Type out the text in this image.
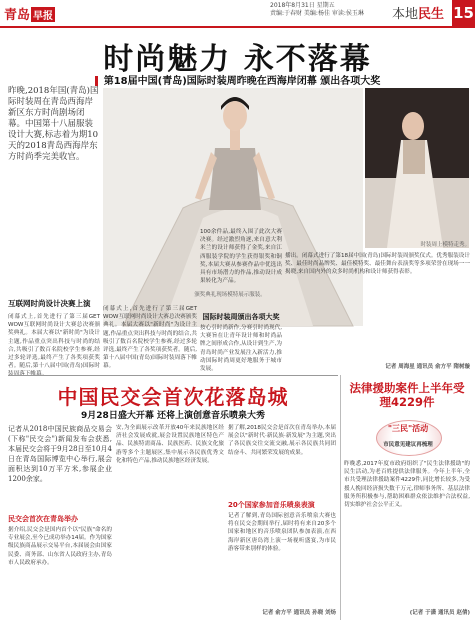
青岛 早报
2018年8月31日 星期五
责编:于春财 美编:杨佳 审读:侯玉琳	本地民生 15
时尚魅力 永不落幕
第18届中国(青岛)国际时装周昨晚在西海岸闭幕 颁出各项大奖
昨晚,2018年国(青岛)国际时装周在青岛西海岸新区东方时尚剧场闭幕。中国第十八届服装设计大赛,标志着为期10天的2018青岛西海岸东方时尚季完美收官。
颁奖典礼现场模特展示服装。
时装周上模特走秀。
互联网时尚设计决赛上演
闭幕式上,首先进行了第三届GET WOW互联网时尚设计大赛总决赛颁奖典礼。本届大赛以"新时尚"为设计主题,作品重点突出科技与时尚的结合,共吸引了数百名院校学生参赛,经过多轮评选,最终产生了各奖项获奖者。随后,第十八届中国(青岛)国际时
闭幕式上,首先进行了第三届GET WOW互联网时尚设计大赛总决赛颁奖典礼。本届大赛以"新时尚"为设计主题,作品重点突出科技与时尚的结合,共吸引了数百名院校学生参赛,经过多轮评选,最终产生了各奖项获奖者。随后,第十八届中国(青岛)国际时装周落下帷幕。
100余件品,最终入围了此次大赛决赛。经过激烈角逐,来自意大利米兰的设计师获得了金奖,来自江西服装学院的学生获得银奖和铜奖,本届大赛从参赛作品中优选出具有市场潜力的作品,推动设计成果转化为产品。
国际时装周颁出各项大奖
按心引时尚新作,分赛引时尚现代,大赛旨在让青年设计师和时尚品牌之间形成合作,从设计到生产,为青岛时尚产业发展注入新活力,推动国际时尚周更好地服务于城市发展。
播出。闭幕式进行了第18届中国(青岛)国际时装周颁奖仪式。优秀服装设计奖、最佳时尚品牌奖、最佳模特奖、最佳舞台表演奖等多项荣誉在现场一一揭晓,来自国内外的众多时尚机构和设计师获得表彰。
记者 周海星 通讯员 俞方平 隋树璇
中国民交会首次花落岛城
9月28日盛大开幕 还将上演创意音乐喷泉大秀
记者从2018中国民族商品交易会(下称"民交会")新闻发布会获悉,本届民交会将于9月28日至10月4日在青岛国际博览中心举行,展会面积达到10万平方米,参展企业1200余家。
民交会首次在青岛举办
据介绍,民交会是国内首个以"民族"命名的专业展会,至今已成功举办14届。作为国家级民族商品展示交易平台,本届展会由国家民委、商务部、山东省人民政府主办,青岛市人民政府承办。
安,为全面展示改革开放40年来民族地区经济社会发展成就,展会设置民族地区特色产品、民族特需商品、民族医药、民族文化旅游等多个主题展区,集中展示各民族优秀文化和特色产品,推动民族地区经济发展。
据了解,2018民交会是首次在青岛举办,本届展会以"新时代·新民族·新发展"为主题,突出了各民族交往交流交融,展示各民族共同团结奋斗、共同繁荣发展的成果。
20个国家参加音乐喷泉表演
记者了解到,青岛国际创意音乐喷泉大赛也将在民交会期间举行,届时将有来自20多个国家和地区的音乐喷泉团队参加表演,在西海岸新区唐岛湾上演一场视听盛宴,为市民游客带来别样的体验。
记者 俞方平 通讯员 孙晓 刘炀
法律援助案件上半年受理4229件
"三民"活动
市民意见建议再梳理
昨晚悉,2017年度市政府组织了"民生法律援助"的民生活动,为老百姓提供法律服务。今年上半年,全市共受理法律援助案件4229件,同比增长较多,为受援人挽回经济损失数千万元,律师事务所、基层法律服务所积极参与,帮助困难群众依法维护合法权益,切实维护社会公平正义。
(记者 于潇 通讯员 赵倩)
